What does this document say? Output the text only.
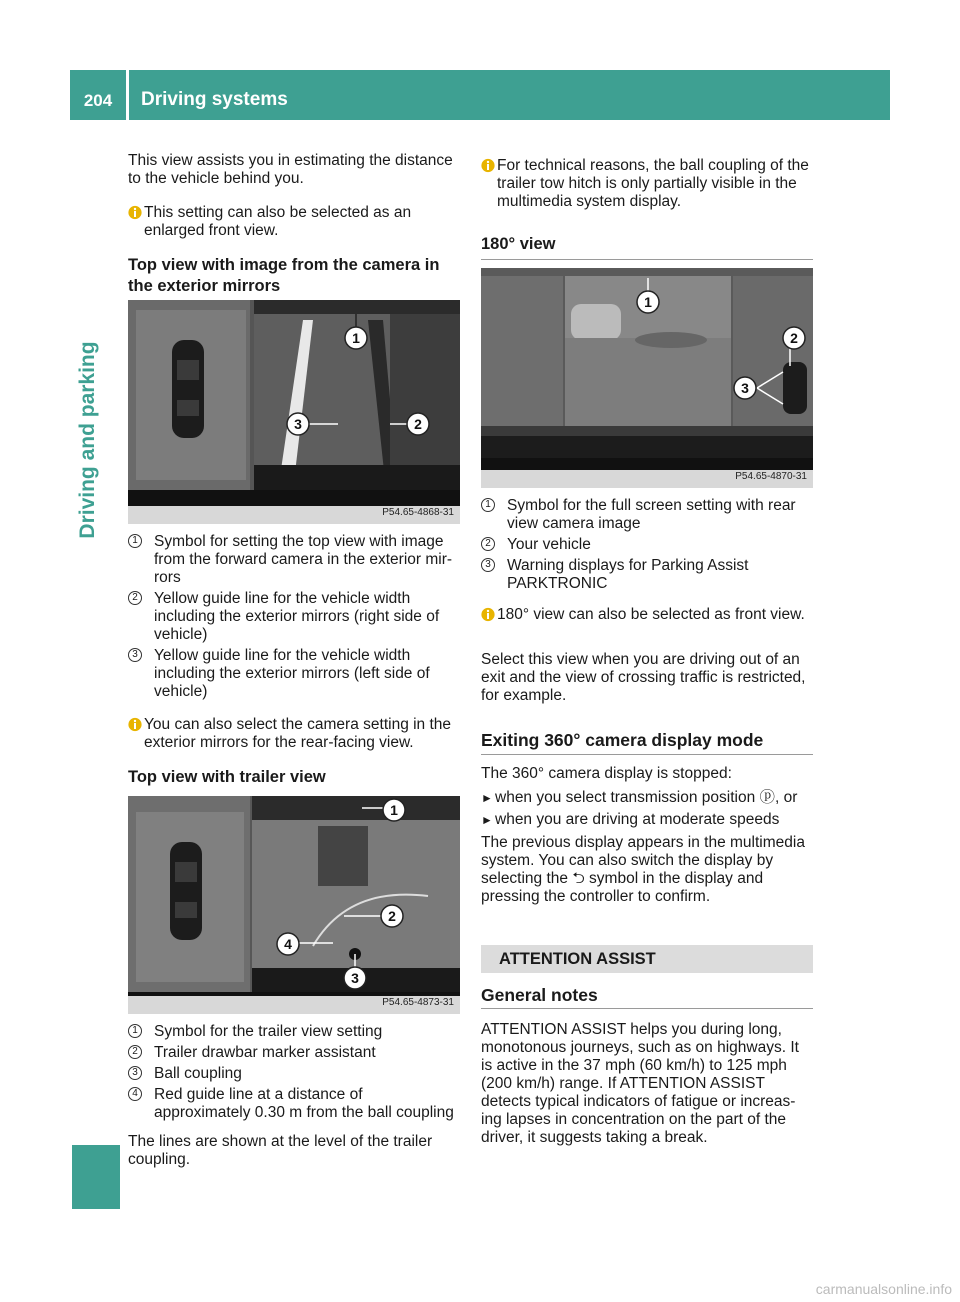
204	Driving systems
Driving and parking

This view assists you in estimating the distance to the vehicle behind you.

This setting can also be selected as an enlarged front view.

Top view with image from the camera in
the exterior mirrors
1
3	2
P54.65-4868-31
1 Symbol for setting the top view with image from the forward camera in the exterior mir-rors
2 Yellow guide line for the vehicle width including the exterior mirrors (right side of vehicle)
3 Yellow guide line for the vehicle width including the exterior mirrors (left side of vehicle)

You can also select the camera setting in the exterior mirrors for the rear-facing view.

Top view with trailer view
1
2
4
3
P54.65-4873-31
1 Symbol for the trailer view setting
2 Trailer drawbar marker assistant
3 Ball coupling
4 Red guide line at a distance of approximately 0.30 m from the ball coupling

The lines are shown at the level of the trailer coupling.

For technical reasons, the ball coupling of the trailer tow hitch is only partially visible in the multimedia system display.

180° view
1
2
3
P54.65-4870-31
1 Symbol for the full screen setting with rear view camera image
2 Your vehicle
3 Warning displays for Parking Assist PARKTRONIC

180° view can also be selected as front view.

Select this view when you are driving out of an exit and the view of crossing traffic is restricted, for example.

Exiting 360° camera display mode

The 360° camera display is stopped:

► when you select transmission position ⓟ, or
► when you are driving at moderate speeds

The previous display appears in the multimedia system. You can also switch the display by selecting the ⮌ symbol in the display and pressing the controller to confirm.

ATTENTION ASSIST
General notes

ATTENTION ASSIST helps you during long, monotonous journeys, such as on highways. It is active in the 37 mph (60 km/h) to 125 mph (200 km/h) range. If ATTENTION ASSIST detects typical indicators of fatigue or increas-ing lapses in concentration on the part of the driver, it suggests taking a break.

carmanualsonline.info
